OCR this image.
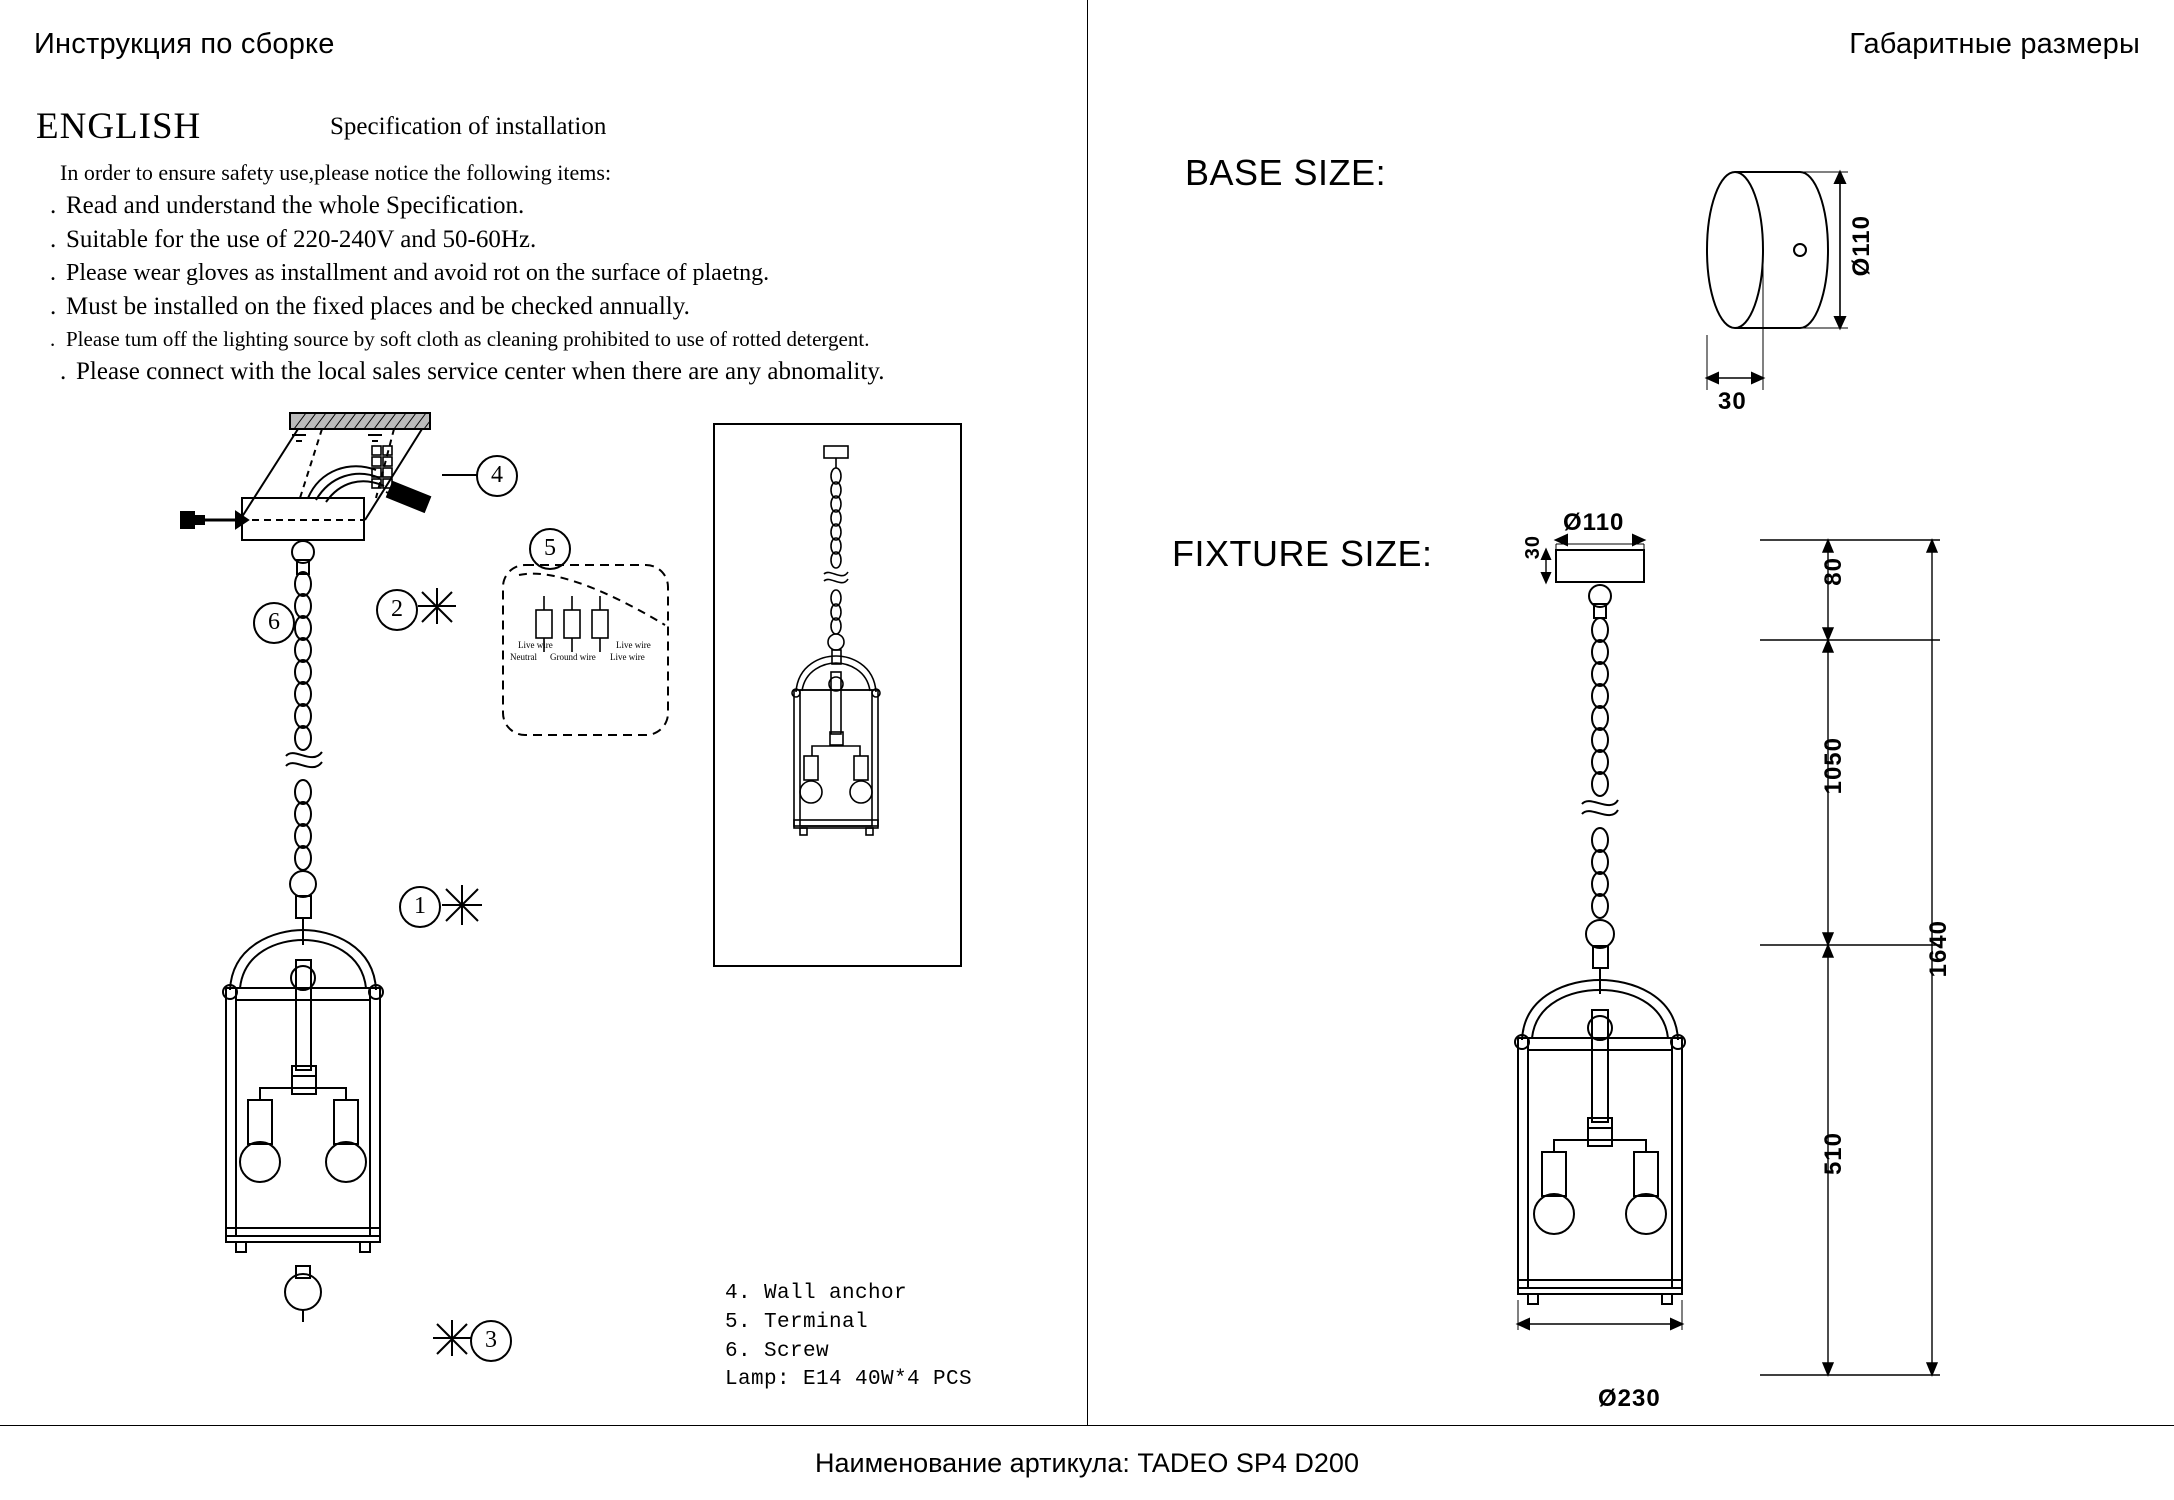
Инструкция по сборке	Габаритные размеры
ENGLISH	Specification of installation
In order to ensure safety use,please notice the following items:
. Read and understand the whole Specification.
. Suitable for the use of 220-240V and 50-60Hz.
. Please wear gloves as installment and avoid rot on the surface of plaetng.
. Must be installed on the fixed places and be checked annually.
. Please tum off the lighting source by soft cloth as cleaning prohibited to use of rotted detergent.
. Please connect with the local sales service center when there are any abnomality.
1
2
3
4
5
6
Neutral Ground wire Live wire
Live wire	Live wire
4. Wall anchor
5. Terminal
6. Screw
Lamp: E14 40W*4 PCS
BASE SIZE:
FIXTURE SIZE:
Ø110
30
Ø110
30
Ø230
80
1050
510
1640
Наименование артикула: TADEO SP4 D200
